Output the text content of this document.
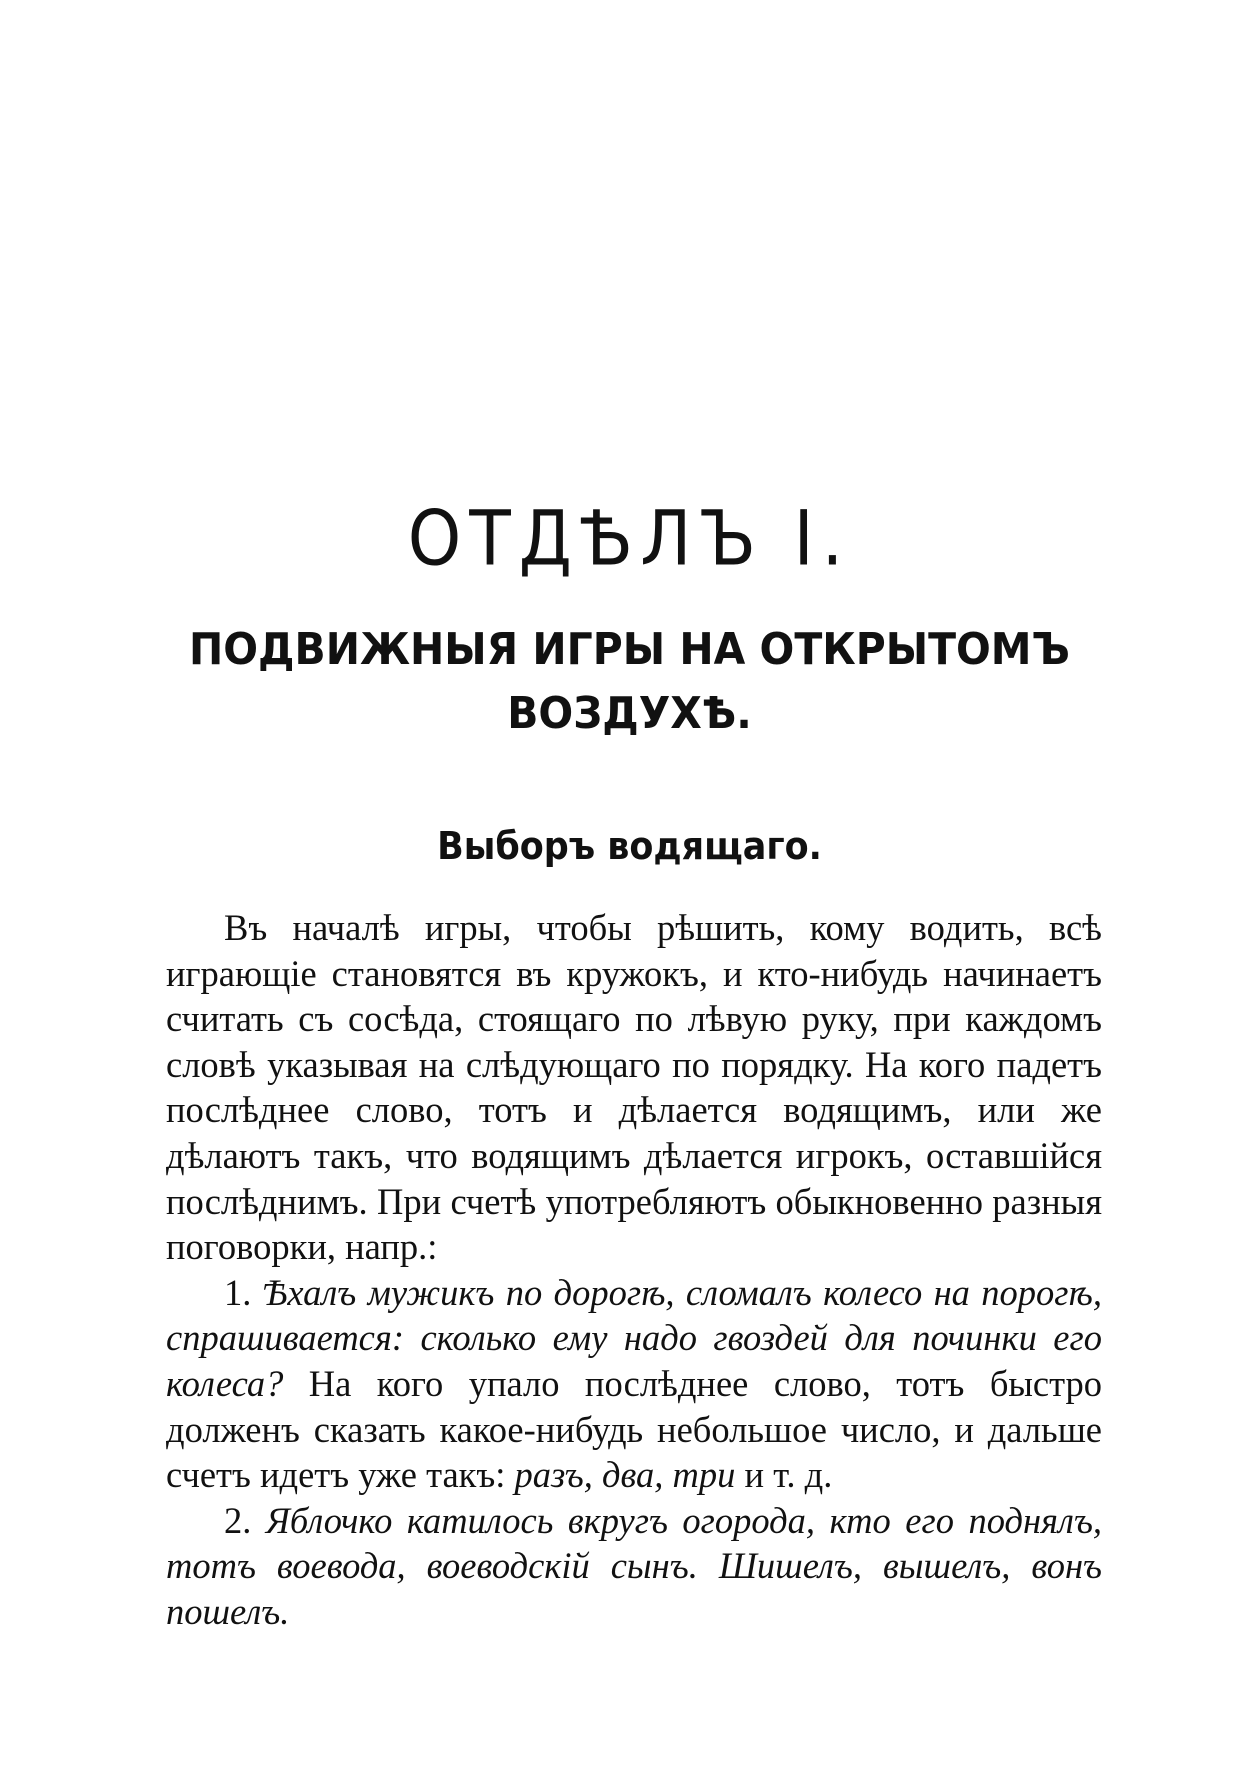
ОТДѢЛЪ I.
ПОДВИЖНЫЯ ИГРЫ НА ОТКРЫТОМЪ
ВОЗДУХѢ.
Выборъ водящаго.

Въ началѣ игры, чтобы рѣшить, кому водить, всѣ играющіе становятся въ кружокъ, и кто-нибудь начинаетъ считать съ сосѣда, стоящаго по лѣвую руку, при каждомъ словѣ указывая на слѣдующаго по порядку. На кого падетъ послѣднее слово, тотъ и дѣлается водящимъ, или же дѣлаютъ такъ, что водящимъ дѣлается игрокъ, оставшійся послѣднимъ. При счетѣ употребляютъ обыкновенно разныя поговорки, напр.:

1. Ѣхалъ мужикъ по дорогѣ, сломалъ колесо на порогѣ, спрашивается: сколько ему надо гвоздей для починки его колеса? На кого упало послѣднее слово, тотъ быстро долженъ сказать какое-нибудь небольшое число, и дальше счетъ идетъ уже такъ: разъ, два, три и т. д.

2. Яблочко катилось вкругъ огорода, кто его поднялъ, тотъ воевода, воеводскій сынъ. Шишелъ, вышелъ, вонъ пошелъ.
